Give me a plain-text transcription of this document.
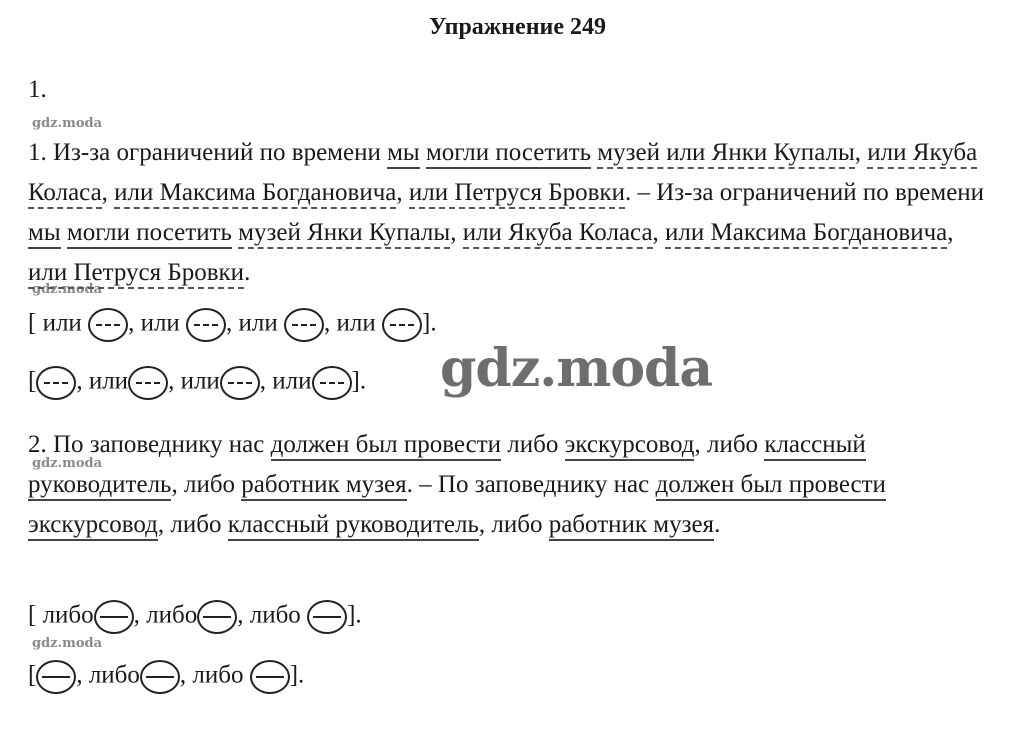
Упражнение 249
1.
gdz.moda
gdz.moda
gdz.moda
gdz.moda
gdz.moda

1. Из-за ограничений по времени мы могли посетить музей или Янки Купалы, или Якуба Коласа, или Максима Богдановича, или Петруся Бровки. – Из-за ограничений по времени мы могли посетить музей Янки Купалы, или Якуба Коласа, или Максима Богдановича, или Петруся Бровки.

[ или , или , или , или ].
[ , или , или , или ].

2. По заповеднику нас должен был провести либо экскурсовод, либо классный руководитель, либо работник музея. – По заповеднику нас должен был провести экскурсовод, либо классный руководитель, либо работник музея.

[ либо , либо , либо ].
[ , либо , либо ].
